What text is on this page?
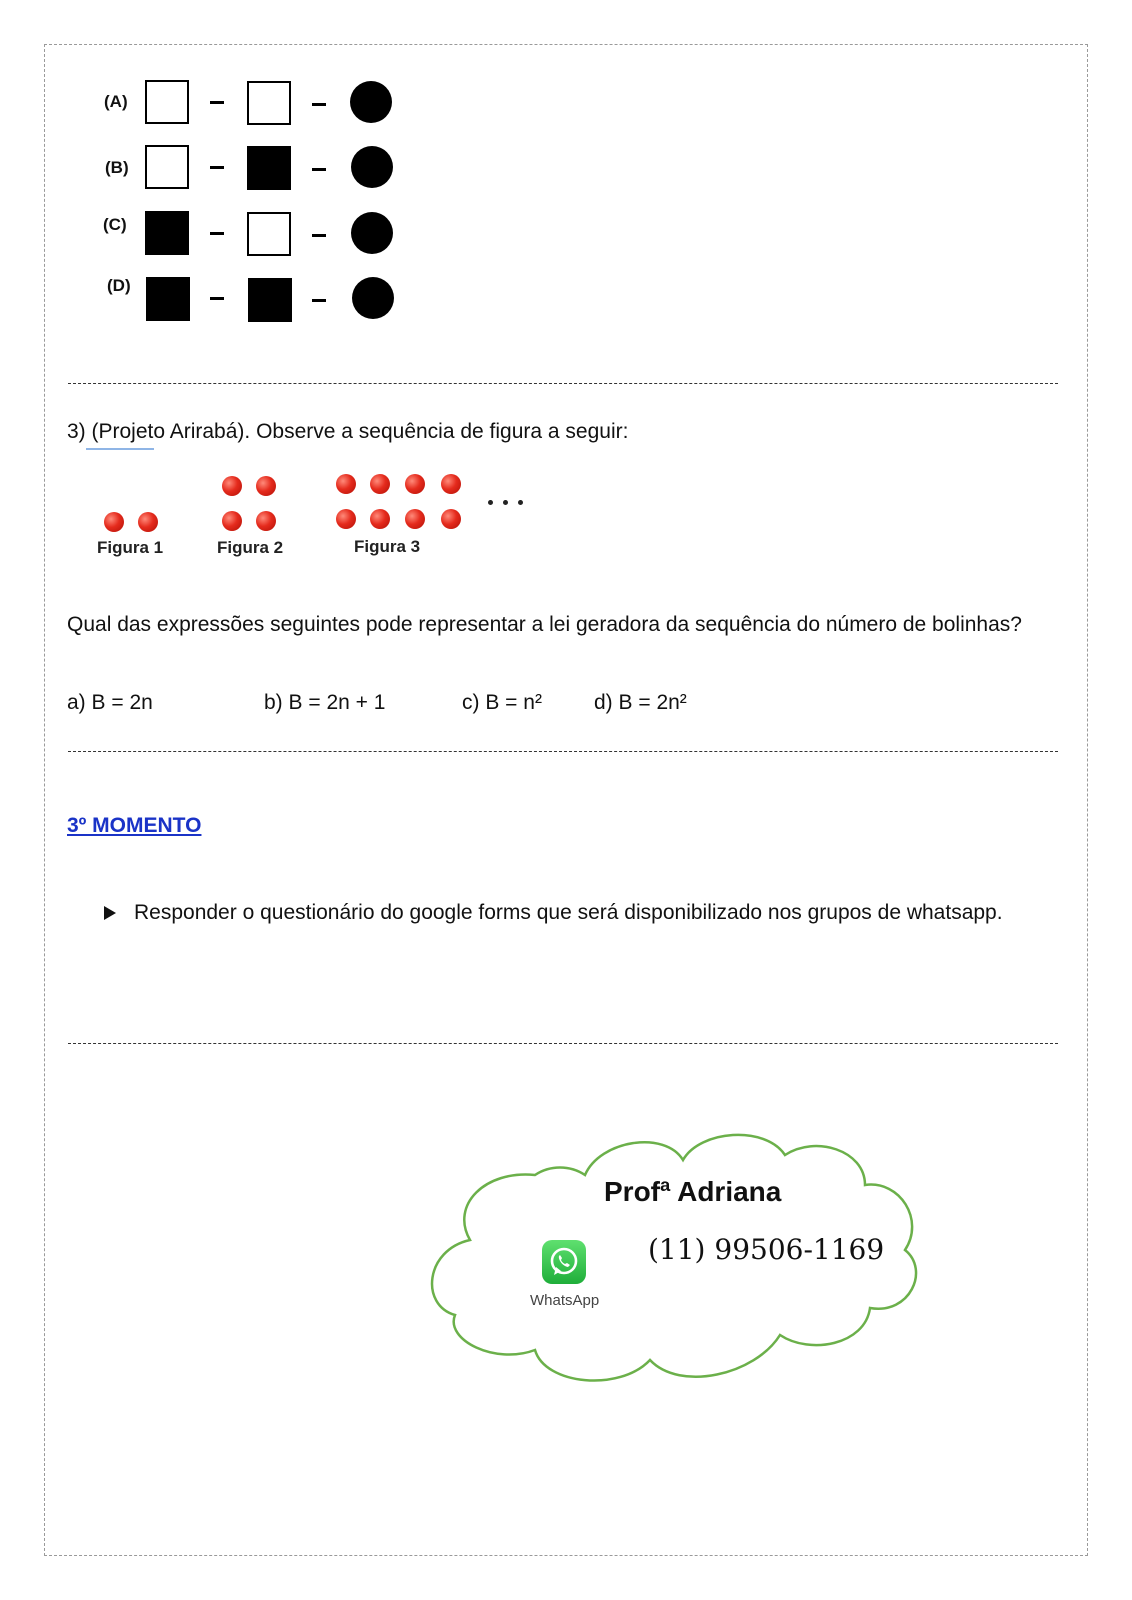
(A)
(B)
(C)
(D)
3) (Projeto Arirabá). Observe a sequência de figura a seguir:
Figura 1	Figura 2	Figura 3
Qual das expressões seguintes pode representar a lei geradora da sequência do número de bolinhas?
a) B = 2n	b) B = 2n + 1	c) B = n² d) B = 2n²
3º MOMENTO
Responder o questionário do google forms que será disponibilizado nos grupos de whatsapp.
Profª Adriana
(11) 99506-1169
WhatsApp
